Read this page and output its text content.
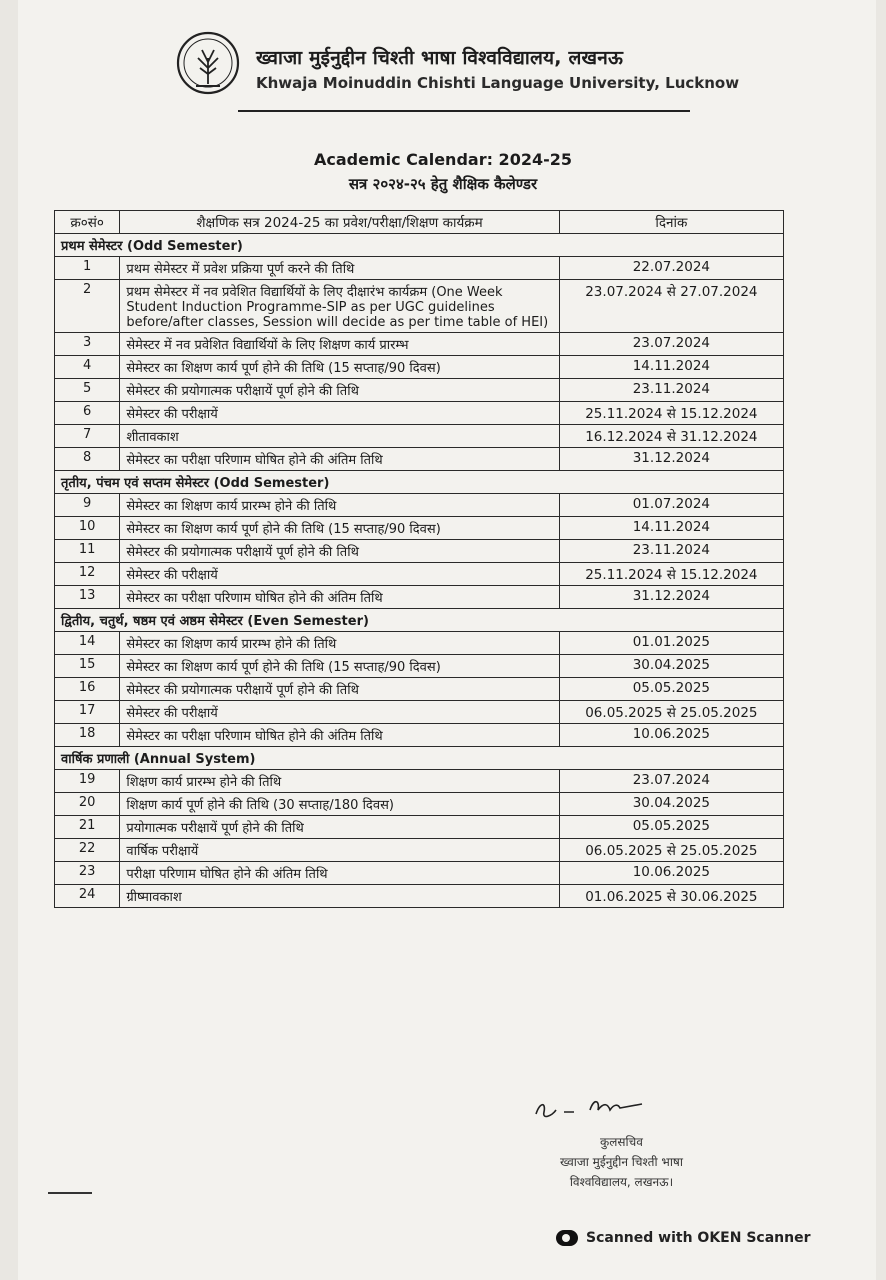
ख्वाजा मुईनुद्दीन चिश्ती भाषा विश्वविद्यालय, लखनऊ
Khwaja Moinuddin Chishti Language University, Lucknow
Academic Calendar: 2024-25
सत्र २०२४-२५ हेतु शैक्षिक कैलेण्डर
क्र०सं०	शैक्षणिक सत्र 2024-25 का प्रवेश/परीक्षा/शिक्षण कार्यक्रम	दिनांक
प्रथम सेमेस्टर (Odd Semester)		
1	प्रथम सेमेस्टर में प्रवेश प्रक्रिया पूर्ण करने की तिथि	22.07.2024
2	प्रथम सेमेस्टर में नव प्रवेशित विद्यार्थियों के लिए दीक्षारंभ कार्यक्रम (One Week Student Induction Programme-SIP as per UGC guidelines before/after classes, Session will decide as per time table of HEI)	23.07.2024 से 27.07.2024
3	सेमेस्टर में नव प्रवेशित विद्यार्थियों के लिए शिक्षण कार्य प्रारम्भ	23.07.2024
4	सेमेस्टर का शिक्षण कार्य पूर्ण होने की तिथि (15 सप्ताह/90 दिवस)	14.11.2024
5	सेमेस्टर की प्रयोगात्मक परीक्षायें पूर्ण होने की तिथि	23.11.2024
6	सेमेस्टर की परीक्षायें	25.11.2024 से 15.12.2024
7	शीतावकाश	16.12.2024 से 31.12.2024
8	सेमेस्टर का परीक्षा परिणाम घोषित होने की अंतिम तिथि	31.12.2024
तृतीय, पंचम एवं सप्तम सेमेस्टर (Odd Semester)		
9	सेमेस्टर का शिक्षण कार्य प्रारम्भ होने की तिथि	01.07.2024
10	सेमेस्टर का शिक्षण कार्य पूर्ण होने की तिथि (15 सप्ताह/90 दिवस)	14.11.2024
11	सेमेस्टर की प्रयोगात्मक परीक्षायें पूर्ण होने की तिथि	23.11.2024
12	सेमेस्टर की परीक्षायें	25.11.2024 से 15.12.2024
13	सेमेस्टर का परीक्षा परिणाम घोषित होने की अंतिम तिथि	31.12.2024
द्वितीय, चतुर्थ, षष्ठम एवं अष्ठम सेमेस्टर (Even Semester)		
14	सेमेस्टर का शिक्षण कार्य प्रारम्भ होने की तिथि	01.01.2025
15	सेमेस्टर का शिक्षण कार्य पूर्ण होने की तिथि (15 सप्ताह/90 दिवस)	30.04.2025
16	सेमेस्टर की प्रयोगात्मक परीक्षायें पूर्ण होने की तिथि	05.05.2025
17	सेमेस्टर की परीक्षायें	06.05.2025 से 25.05.2025
18	सेमेस्टर का परीक्षा परिणाम घोषित होने की अंतिम तिथि	10.06.2025
वार्षिक प्रणाली (Annual System)		
19	शिक्षण कार्य प्रारम्भ होने की तिथि	23.07.2024
20	शिक्षण कार्य पूर्ण होने की तिथि (30 सप्ताह/180 दिवस)	30.04.2025
21	प्रयोगात्मक परीक्षायें पूर्ण होने की तिथि	05.05.2025
22	वार्षिक परीक्षायें	06.05.2025 से 25.05.2025
23	परीक्षा परिणाम घोषित होने की अंतिम तिथि	10.06.2025
24	ग्रीष्मावकाश	01.06.2025 से 30.06.2025
कुलसचिव
ख्वाजा मुईनुद्दीन चिश्ती भाषा
विश्वविद्यालय, लखनऊ।
Scanned with OKEN Scanner
